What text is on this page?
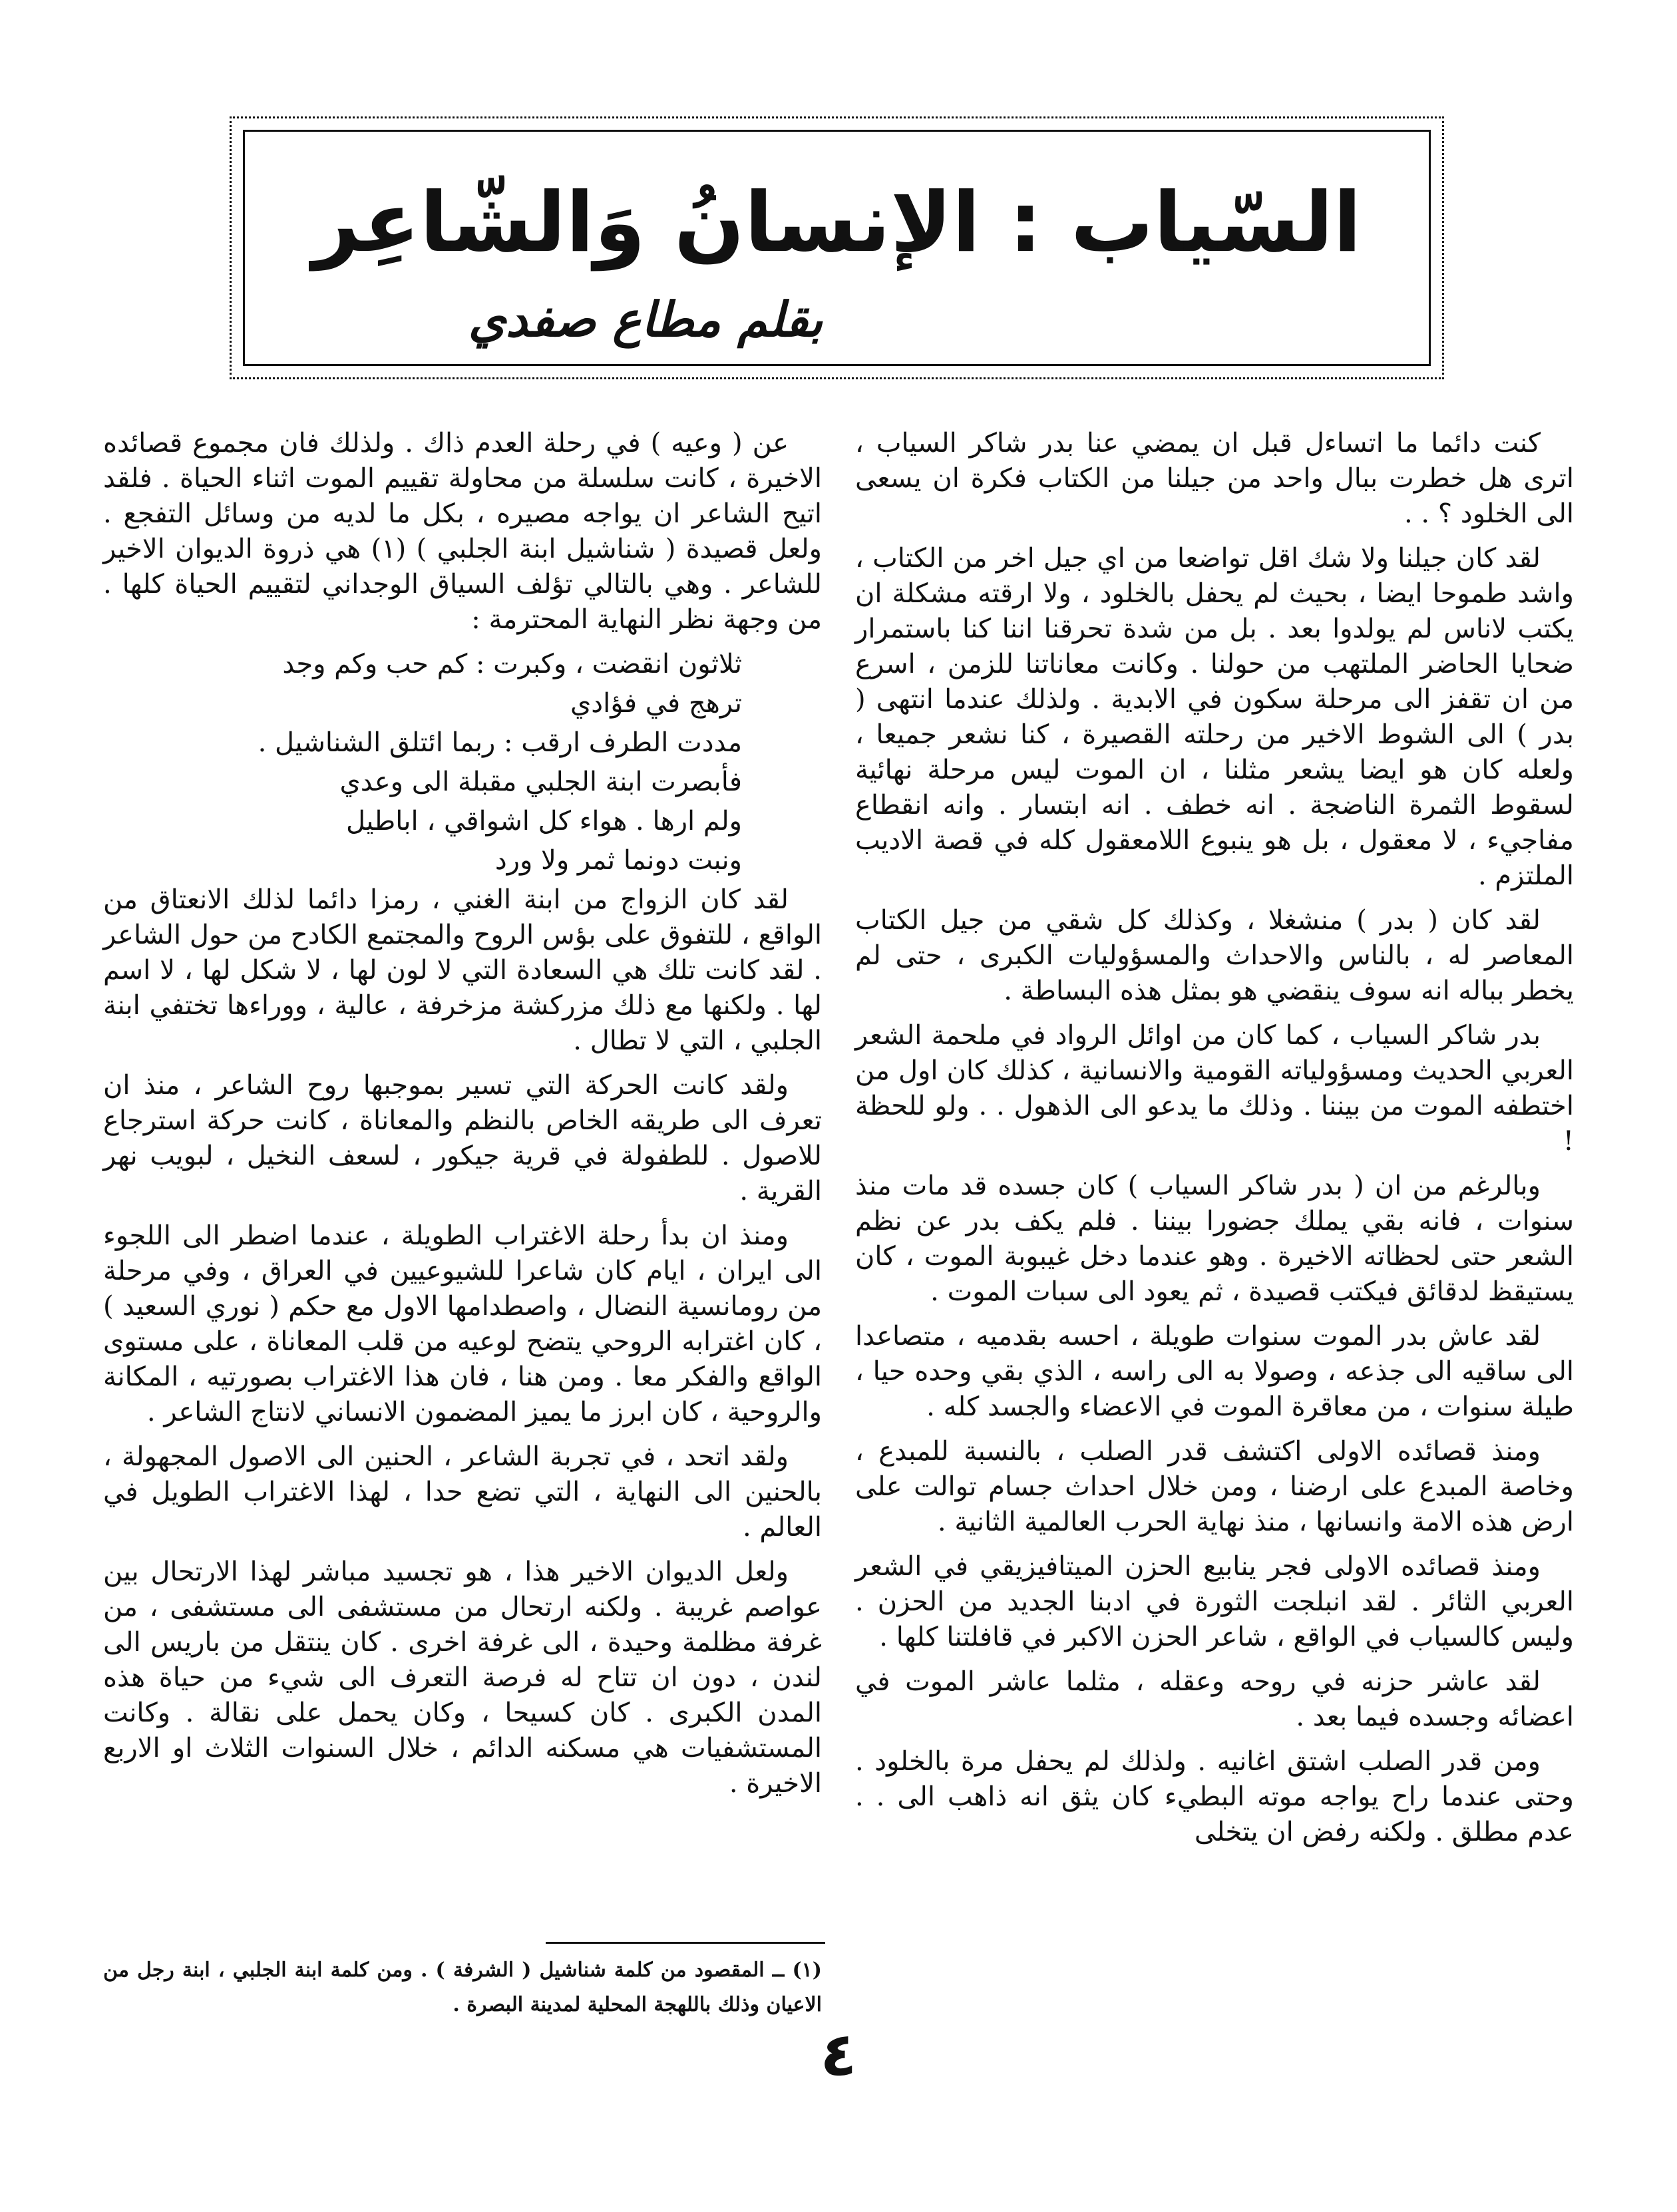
السّياب : الإنسانُ وَالشّاعِر
بقلم مطاع صفدي

كنت دائما ما اتساءل قبل ان يمضي عنا بدر شاكر السياب ، اترى هل خطرت ببال واحد من جيلنا من الكتاب فكرة ان يسعى الى الخلود ؟ . .

لقد كان جيلنا ولا شك اقل تواضعا من اي جيل اخر من الكتاب ، واشد طموحا ايضا ، بحيث لم يحفل بالخلود ، ولا ارقته مشكلة ان يكتب لاناس لم يولدوا بعد . بل من شدة تحرقنا اننا كنا باستمرار ضحايا الحاضر الملتهب من حولنا . وكانت معاناتنا للزمن ، اسرع من ان تقفز الى مرحلة سكون في الابدية . ولذلك عندما انتهى ( بدر ) الى الشوط الاخير من رحلته القصيرة ، كنا نشعر جميعا ، ولعله كان هو ايضا يشعر مثلنا ، ان الموت ليس مرحلة نهائية لسقوط الثمرة الناضجة . انه خطف . انه ابتسار . وانه انقطاع مفاجيء ، لا معقول ، بل هو ينبوع اللامعقول كله في قصة الاديب الملتزم .

لقد كان ( بدر ) منشغلا ، وكذلك كل شقي من جيل الكتاب المعاصر له ، بالناس والاحداث والمسؤوليات الكبرى ، حتى لم يخطر بباله انه سوف ينقضي هو بمثل هذه البساطة .

بدر شاكر السياب ، كما كان من اوائل الرواد في ملحمة الشعر العربي الحديث ومسؤولياته القومية والانسانية ، كذلك كان اول من اختطفه الموت من بيننا . وذلك ما يدعو الى الذهول . . ولو للحظة !

وبالرغم من ان ( بدر شاكر السياب ) كان جسده قد مات منذ سنوات ، فانه بقي يملك جضورا بيننا . فلم يكف بدر عن نظم الشعر حتى لحظاته الاخيرة . وهو عندما دخل غيبوبة الموت ، كان يستيقظ لدقائق فيكتب قصيدة ، ثم يعود الى سبات الموت .

لقد عاش بدر الموت سنوات طويلة ، احسه بقدميه ، متصاعدا الى ساقيه الى جذعه ، وصولا به الى راسه ، الذي بقي وحده حيا ، طيلة سنوات ، من معاقرة الموت في الاعضاء والجسد كله .

ومنذ قصائده الاولى اكتشف قدر الصلب ، بالنسبة للمبدع ، وخاصة المبدع على ارضنا ، ومن خلال احداث جسام توالت على ارض هذه الامة وانسانها ، منذ نهاية الحرب العالمية الثانية .

ومنذ قصائده الاولى فجر ينابيع الحزن الميتافيزيقي في الشعر العربي الثائر . لقد انبلجت الثورة في ادبنا الجديد من الحزن . وليس كالسياب في الواقع ، شاعر الحزن الاكبر في قافلتنا كلها .

لقد عاشر حزنه في روحه وعقله ، مثلما عاشر الموت في اعضائه وجسده فيما بعد .

ومن قدر الصلب اشتق اغانيه . ولذلك لم يحفل مرة بالخلود . وحتى عندما راح يواجه موته البطيء كان يثق انه ذاهب الى . . عدم مطلق . ولكنه رفض ان يتخلى

عن ( وعيه ) في رحلة العدم ذاك . ولذلك فان مجموع قصائده الاخيرة ، كانت سلسلة من محاولة تقييم الموت اثناء الحياة . فلقد اتيح الشاعر ان يواجه مصيره ، بكل ما لديه من وسائل التفجع . ولعل قصيدة ( شناشيل ابنة الجلبي ) (١) هي ذروة الديوان الاخير للشاعر . وهي بالتالي تؤلف السياق الوجداني لتقييم الحياة كلها . من وجهة نظر النهاية المحترمة :

ثلاثون انقضت ، وكبرت : كم حب وكم وجد

ترهج في فؤادي

مددت الطرف ارقب : ربما ائتلق الشناشيل .

فأبصرت ابنة الجلبي مقبلة الى وعدي

ولم ارها . هواء كل اشواقي ، اباطيل

ونبت دونما ثمر ولا ورد

لقد كان الزواج من ابنة الغني ، رمزا دائما لذلك الانعتاق من الواقع ، للتفوق على بؤس الروح والمجتمع الكادح من حول الشاعر . لقد كانت تلك هي السعادة التي لا لون لها ، لا شكل لها ، لا اسم لها . ولكنها مع ذلك مزركشة مزخرفة ، عالية ، ووراءها تختفي ابنة الجلبي ، التي لا تطال .

ولقد كانت الحركة التي تسير بموجبها روح الشاعر ، منذ ان تعرف الى طريقه الخاص بالنظم والمعاناة ، كانت حركة استرجاع للاصول . للطفولة في قرية جيكور ، لسعف النخيل ، لبويب نهر القرية .

ومنذ ان بدأ رحلة الاغتراب الطويلة ، عندما اضطر الى اللجوء الى ايران ، ايام كان شاعرا للشيوعيين في العراق ، وفي مرحلة من رومانسية النضال ، واصطدامها الاول مع حكم ( نوري السعيد ) ، كان اغترابه الروحي يتضح لوعيه من قلب المعاناة ، على مستوى الواقع والفكر معا . ومن هنا ، فان هذا الاغتراب بصورتيه ، المكانة والروحية ، كان ابرز ما يميز المضمون الانساني لانتاج الشاعر .

ولقد اتحد ، في تجربة الشاعر ، الحنين الى الاصول المجهولة ، بالحنين الى النهاية ، التي تضع حدا ، لهذا الاغتراب الطويل في العالم .

ولعل الديوان الاخير هذا ، هو تجسيد مباشر لهذا الارتحال بين عواصم غريبة . ولكنه ارتحال من مستشفى الى مستشفى ، من غرفة مظلمة وحيدة ، الى غرفة اخرى . كان ينتقل من باريس الى لندن ، دون ان تتاح له فرصة التعرف الى شيء من حياة هذه المدن الكبرى . كان كسيحا ، وكان يحمل على نقالة . وكانت المستشفيات هي مسكنه الدائم ، خلال السنوات الثلاث او الاربع الاخيرة .

(١) ــ المقصود من كلمة شناشيل ( الشرفة ) . ومن كلمة ابنة الجلبي ، ابنة رجل من الاعيان وذلك باللهجة المحلية لمدينة البصرة .
٤
